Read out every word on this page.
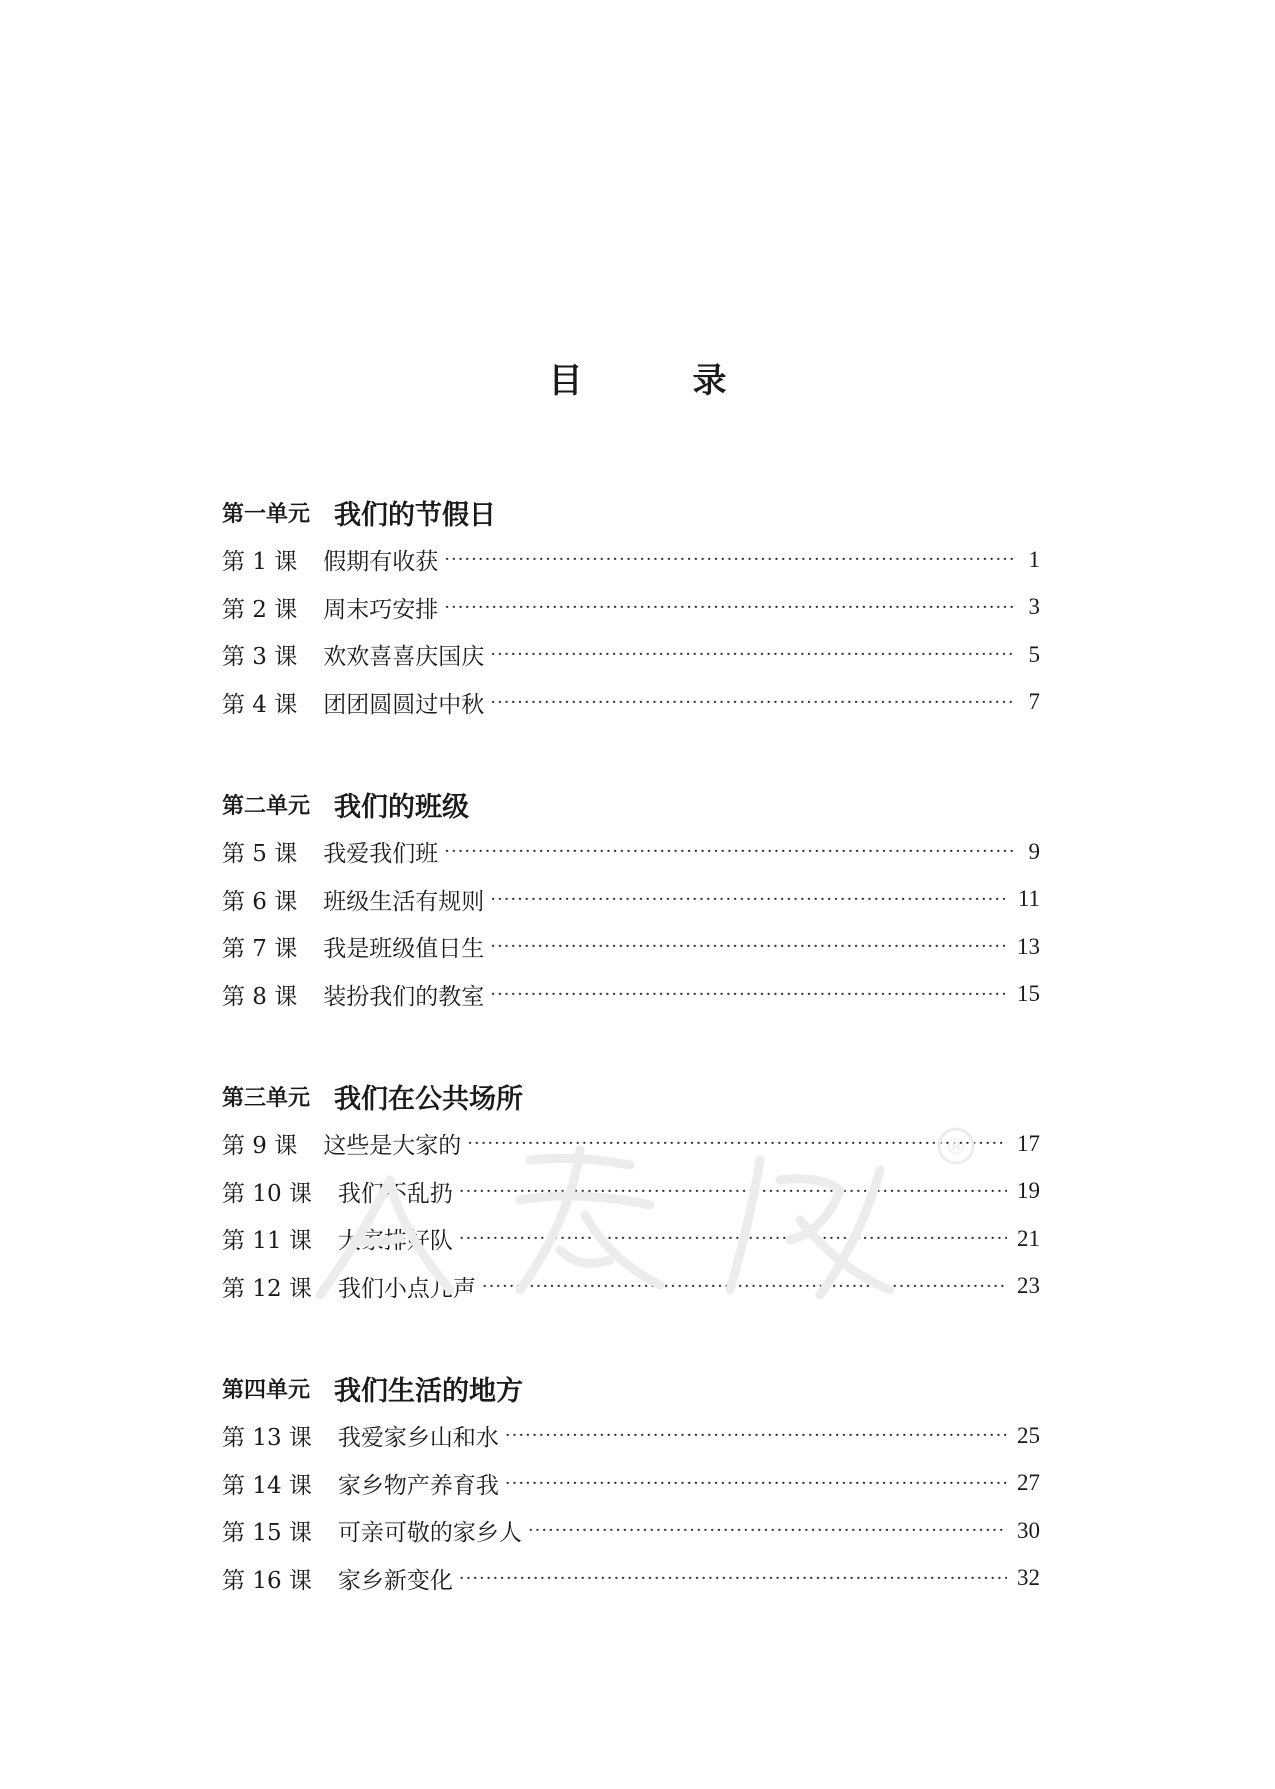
目　录
第一单元 我们的节假日
第 1 课 假期有收获 ·····	1
第 2 课 周末巧安排 ·····	3
第 3 课 欢欢喜喜庆国庆 ·····	5
第 4 课 团团圆圆过中秋 ·····	7
第二单元 我们的班级
第 5 课 我爱我们班 ·····	9
第 6 课 班级生活有规则 ·····	11
第 7 课 我是班级值日生 ·····	13
第 8 课 装扮我们的教室 ·····	15
第三单元 我们在公共场所
第 9 课 这些是大家的 ·····	17
第 10 课 我们不乱扔 ·····	19
第 11 课 大家排好队 ·····	21
第 12 课 我们小点儿声 ·····	23
第四单元 我们生活的地方
第 13 课 我爱家乡山和水 ·····	25
第 14 课 家乡物产养育我 ·····	27
第 15 课 可亲可敬的家乡人 ·····	30
第 16 课 家乡新变化 ·····	32
®
